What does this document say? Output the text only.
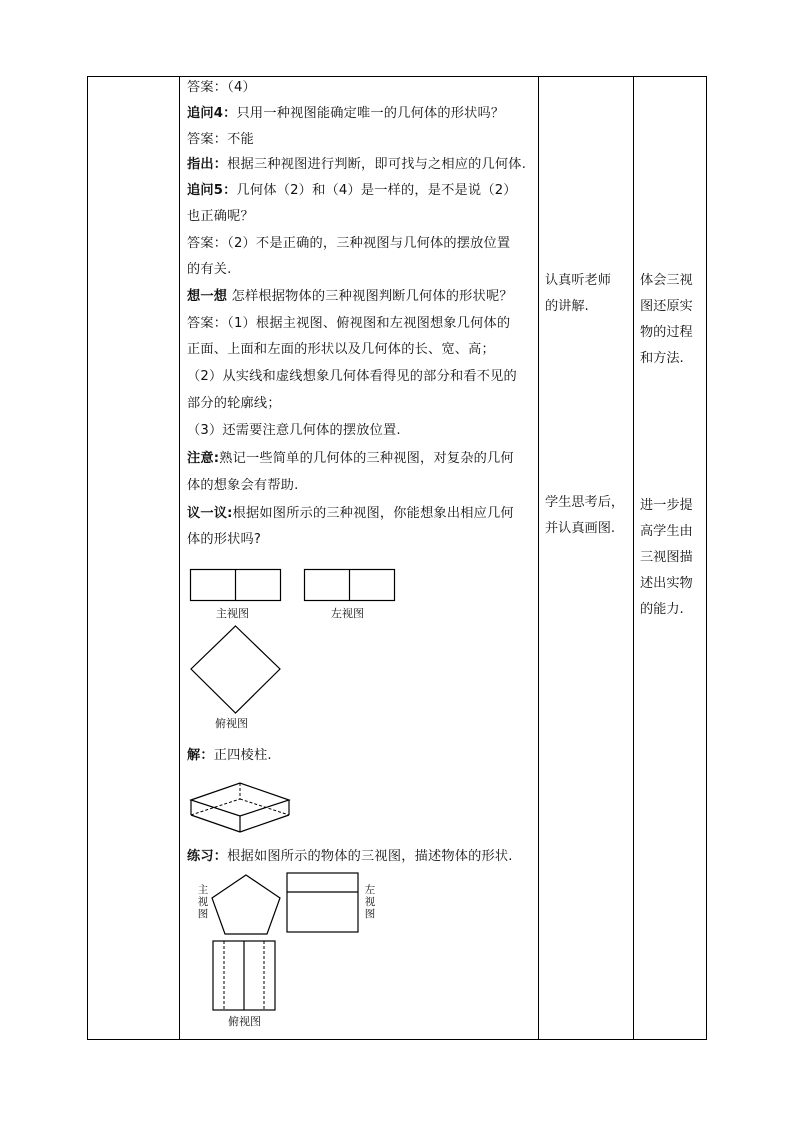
答案：（4）
追问4：只用一种视图能确定唯一的几何体的形状吗？
答案：不能
指出：根据三种视图进行判断，即可找与之相应的几何体.
追问5：几何体（2）和（4）是一样的，是不是说（2）
也正确呢？
答案：（2）不是正确的，三种视图与几何体的摆放位置
的有关.
想一想 怎样根据物体的三种视图判断几何体的形状呢？
答案：（1）根据主视图、俯视图和左视图想象几何体的
正面、上面和左面的形状以及几何体的长、宽、高；
（2）从实线和虚线想象几何体看得见的部分和看不见的
部分的轮廓线；
（3）还需要注意几何体的摆放位置.
注意:熟记一些简单的几何体的三种视图，对复杂的几何
体的想象会有帮助.
议一议:根据如图所示的三种视图，你能想象出相应几何
体的形状吗?
主视图	左视图
俯视图
解：正四棱柱.
练习：根据如图所示的物体的三视图，描述物体的形状.
主
视
图
左
视
图
俯视图
认真听老师
的讲解.
学生思考后，
并认真画图.
体会三视
图还原实
物的过程
和方法.
进一步提
高学生由
三视图描
述出实物
的能力.
